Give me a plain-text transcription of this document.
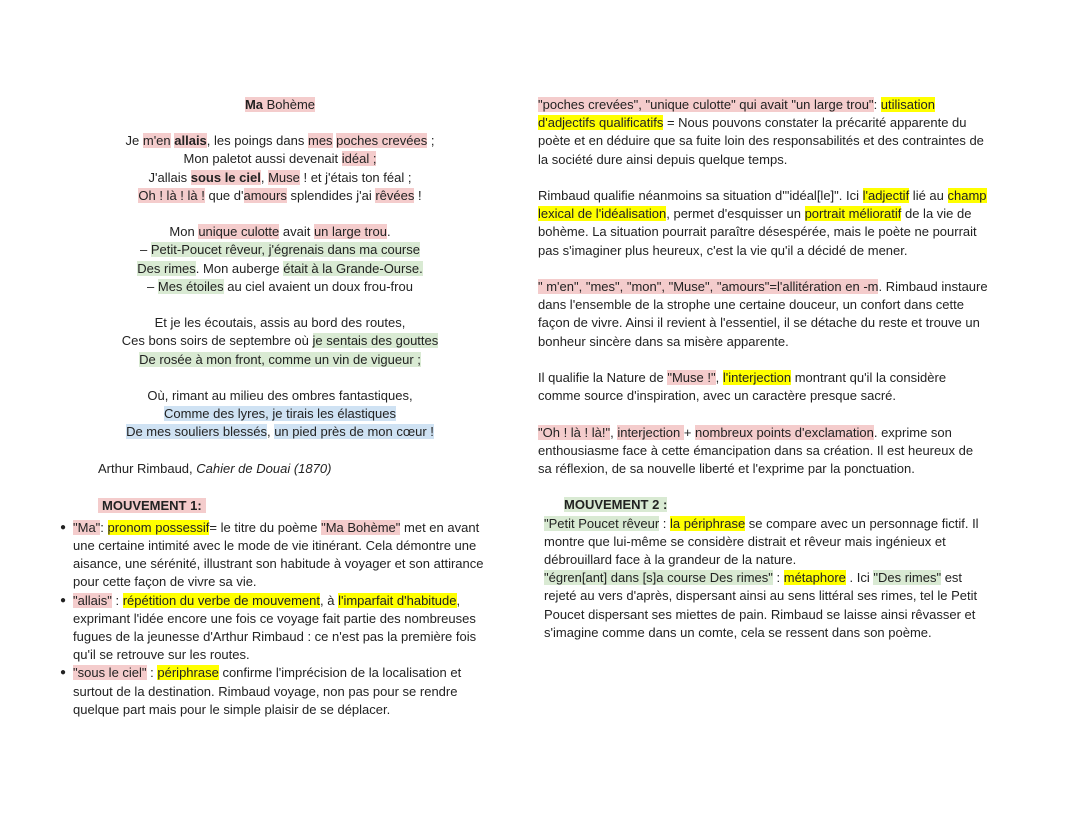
Ma Bohème
Je m'en allais, les poings dans mes poches crevées ;
Mon paletot aussi devenait idéal ;
J'allais sous le ciel, Muse ! et j'étais ton féal ;
Oh ! là ! là ! que d'amours splendides j'ai rêvées !
Mon unique culotte avait un large trou.
– Petit-Poucet rêveur, j'égrenais dans ma course
Des rimes. Mon auberge était à la Grande-Ourse.
– Mes étoiles au ciel avaient un doux frou-frou
Et je les écoutais, assis au bord des routes,
Ces bons soirs de septembre où je sentais des gouttes
De rosée à mon front, comme un vin de vigueur ;
Où, rimant au milieu des ombres fantastiques,
Comme des lyres, je tirais les élastiques
De mes souliers blessés, un pied près de mon cœur !
Arthur Rimbaud, Cahier de Douai (1870)
MOUVEMENT 1:
● "Ma": pronom possessif= le titre du poème "Ma Bohème" met en avant une certaine intimité avec le mode de vie itinérant. Cela démontre une aisance, une sérénité, illustrant son habitude à voyager et son attirance pour cette façon de vivre sa vie.
● "allais" : répétition du verbe de mouvement, à l'imparfait d'habitude, exprimant l'idée encore une fois ce voyage fait partie des nombreuses fugues de la jeunesse d'Arthur Rimbaud : ce n'est pas la première fois qu'il se retrouve sur les routes.
● "sous le ciel" : périphrase confirme l'imprécision de la localisation et surtout de la destination. Rimbaud voyage, non pas pour se rendre quelque part mais pour le simple plaisir de se déplacer.

"poches crevées", "unique culotte" qui avait "un large trou": utilisation d'adjectifs qualificatifs = Nous pouvons constater la précarité apparente du poète et en déduire que sa fuite loin des responsabilités et des contraintes de la société dure ainsi depuis quelque temps.

Rimbaud qualifie néanmoins sa situation d'"idéal[le]". Ici l'adjectif lié au champ lexical de l'idéalisation, permet d'esquisser un portrait mélioratif de la vie de bohème. La situation pourrait paraître désespérée, mais le poète ne pourrait pas s'imaginer plus heureux, c'est la vie qu'il a décidé de mener.

" m'en", "mes", "mon", "Muse", "amours"=l'allitération en -m. Rimbaud instaure dans l'ensemble de la strophe une certaine douceur, un confort dans cette façon de vivre. Ainsi il revient à l'essentiel, il se détache du reste et trouve un bonheur sincère dans sa misère apparente.

Il qualifie la Nature de "Muse !", l'interjection montrant qu'il la considère comme source d'inspiration, avec un caractère presque sacré.

"Oh ! là ! là!", interjection + nombreux points d'exclamation. exprime son enthousiasme face à cette émancipation dans sa création. Il est heureux de sa réflexion, de sa nouvelle liberté et l'exprime par la ponctuation.

MOUVEMENT 2 :
"Petit Poucet rêveur : la périphrase se compare avec un personnage fictif. Il montre que lui-même se considère distrait et rêveur mais ingénieux et débrouillard face à la grandeur de la nature.
"égren[ant] dans [s]a course Des rimes" : métaphore . Ici "Des rimes" est rejeté au vers d'après, dispersant ainsi au sens littéral ses rimes, tel le Petit Poucet dispersant ses miettes de pain. Rimbaud se laisse ainsi rêvasser et s'imagine comme dans un comte, cela se ressent dans son poème.
